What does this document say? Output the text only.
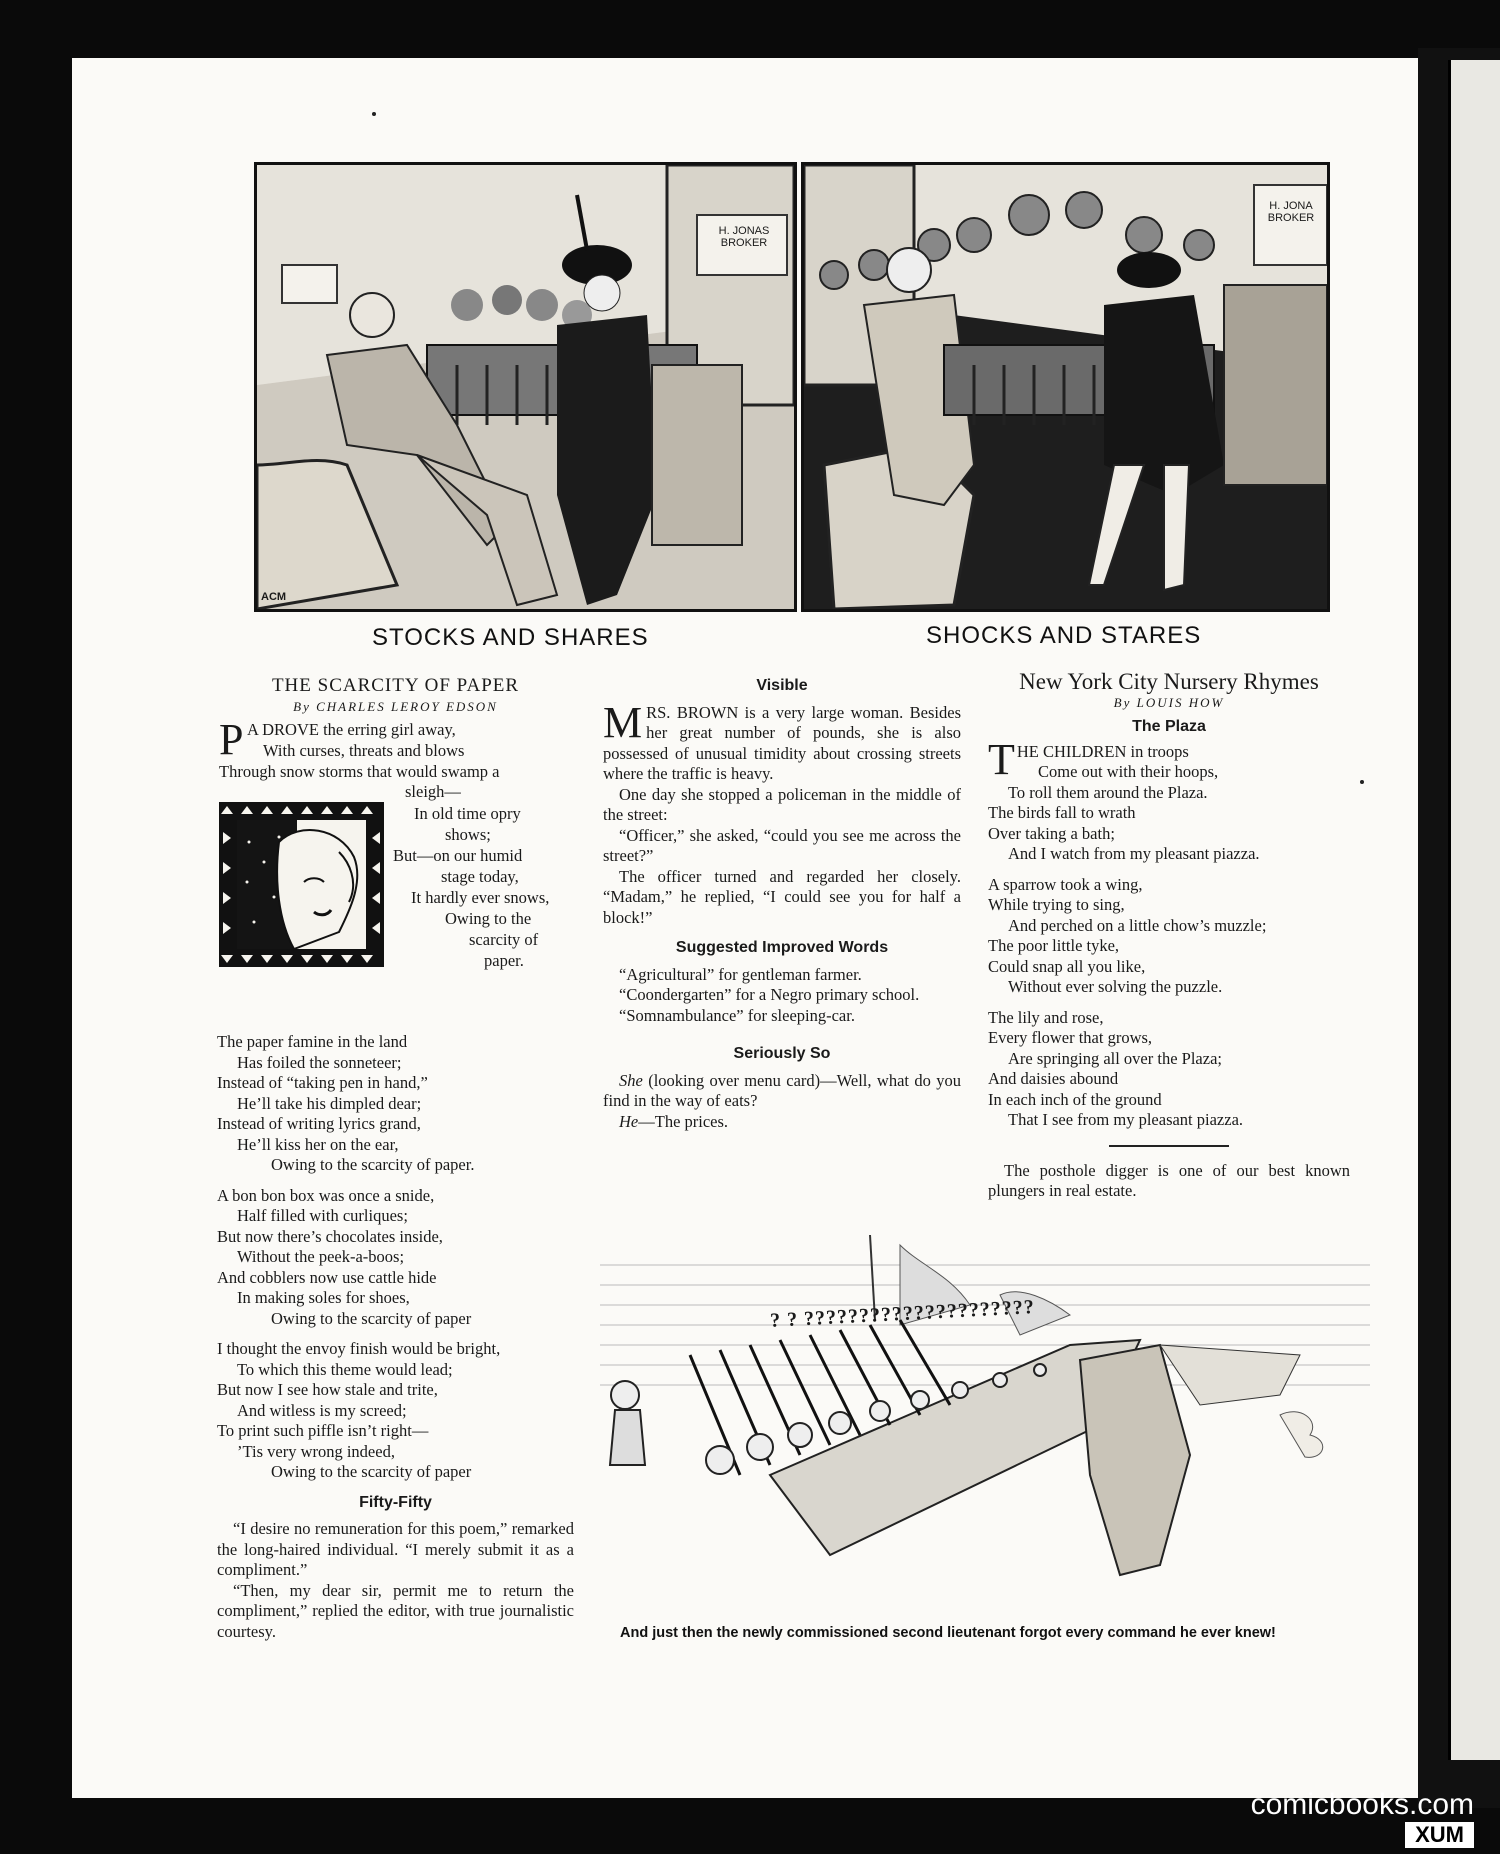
H. JONAS BROKER
ACM
H. JONA BROKER
STOCKS AND SHARES	SHOCKS AND STARES

THE SCARCITY OF PAPER

By CHARLES LEROY EDSON

P A DROVE the erring girl away,

With curses, threats and blows

Through snow storms that would swamp a

sleigh—

In old time opry

shows;

But—on our humid

stage today,

It hardly ever snows,

Owing to the

scarcity of

paper.

The paper famine in the land

Has foiled the sonneteer;

Instead of “taking pen in hand,”

He’ll take his dimpled dear;

Instead of writing lyrics grand,

He’ll kiss her on the ear,

Owing to the scarcity of paper.

A bon bon box was once a snide,

Half filled with curliques;

But now there’s chocolates inside,

Without the peek-a-boos;

And cobblers now use cattle hide

In making soles for shoes,

Owing to the scarcity of paper

I thought the envoy finish would be bright,

To which this theme would lead;

But now I see how stale and trite,

And witless is my screed;

To print such piffle isn’t right—

’Tis very wrong indeed,

Owing to the scarcity of paper

Fifty-Fifty

“I desire no remuneration for this poem,” remarked the long-haired individual. “I merely submit it as a compliment.”

“Then, my dear sir, permit me to return the compliment,” replied the editor, with true journalistic courtesy.

Visible

MRS. BROWN is a very large woman. Besides her great number of pounds, she is also possessed of unusual timidity about crossing streets where the traffic is heavy.

One day she stopped a policeman in the middle of the street:

“Officer,” she asked, “could you see me across the street?”

The officer turned and regarded her closely. “Madam,” he replied, “I could see you for half a block!”

Suggested Improved Words

“Agricultural” for gentleman farmer.

“Coondergarten” for a Negro primary school.

“Somnambulance” for sleeping-car.

Seriously So

She (looking over menu card)—Well, what do you find in the way of eats?

He—The prices.

New York City Nursery Rhymes

By LOUIS HOW

The Plaza

T HE CHILDREN in troops

Come out with their hoops,

To roll them around the Plaza.

The birds fall to wrath

Over taking a bath;

And I watch from my pleasant piazza.

A sparrow took a wing,

While trying to sing,

And perched on a little chow’s muzzle;

The poor little tyke,

Could snap all you like,

Without ever solving the puzzle.

The lily and rose,

Every flower that grows,

Are springing all over the Plaza;

And daisies abound

In each inch of the ground

That I see from my pleasant piazza.

The posthole digger is one of our best known plungers in real estate.

? ? ?????????????????????
And just then the newly commissioned second lieutenant forgot every command he ever knew!
comicbooks.com
XUM
